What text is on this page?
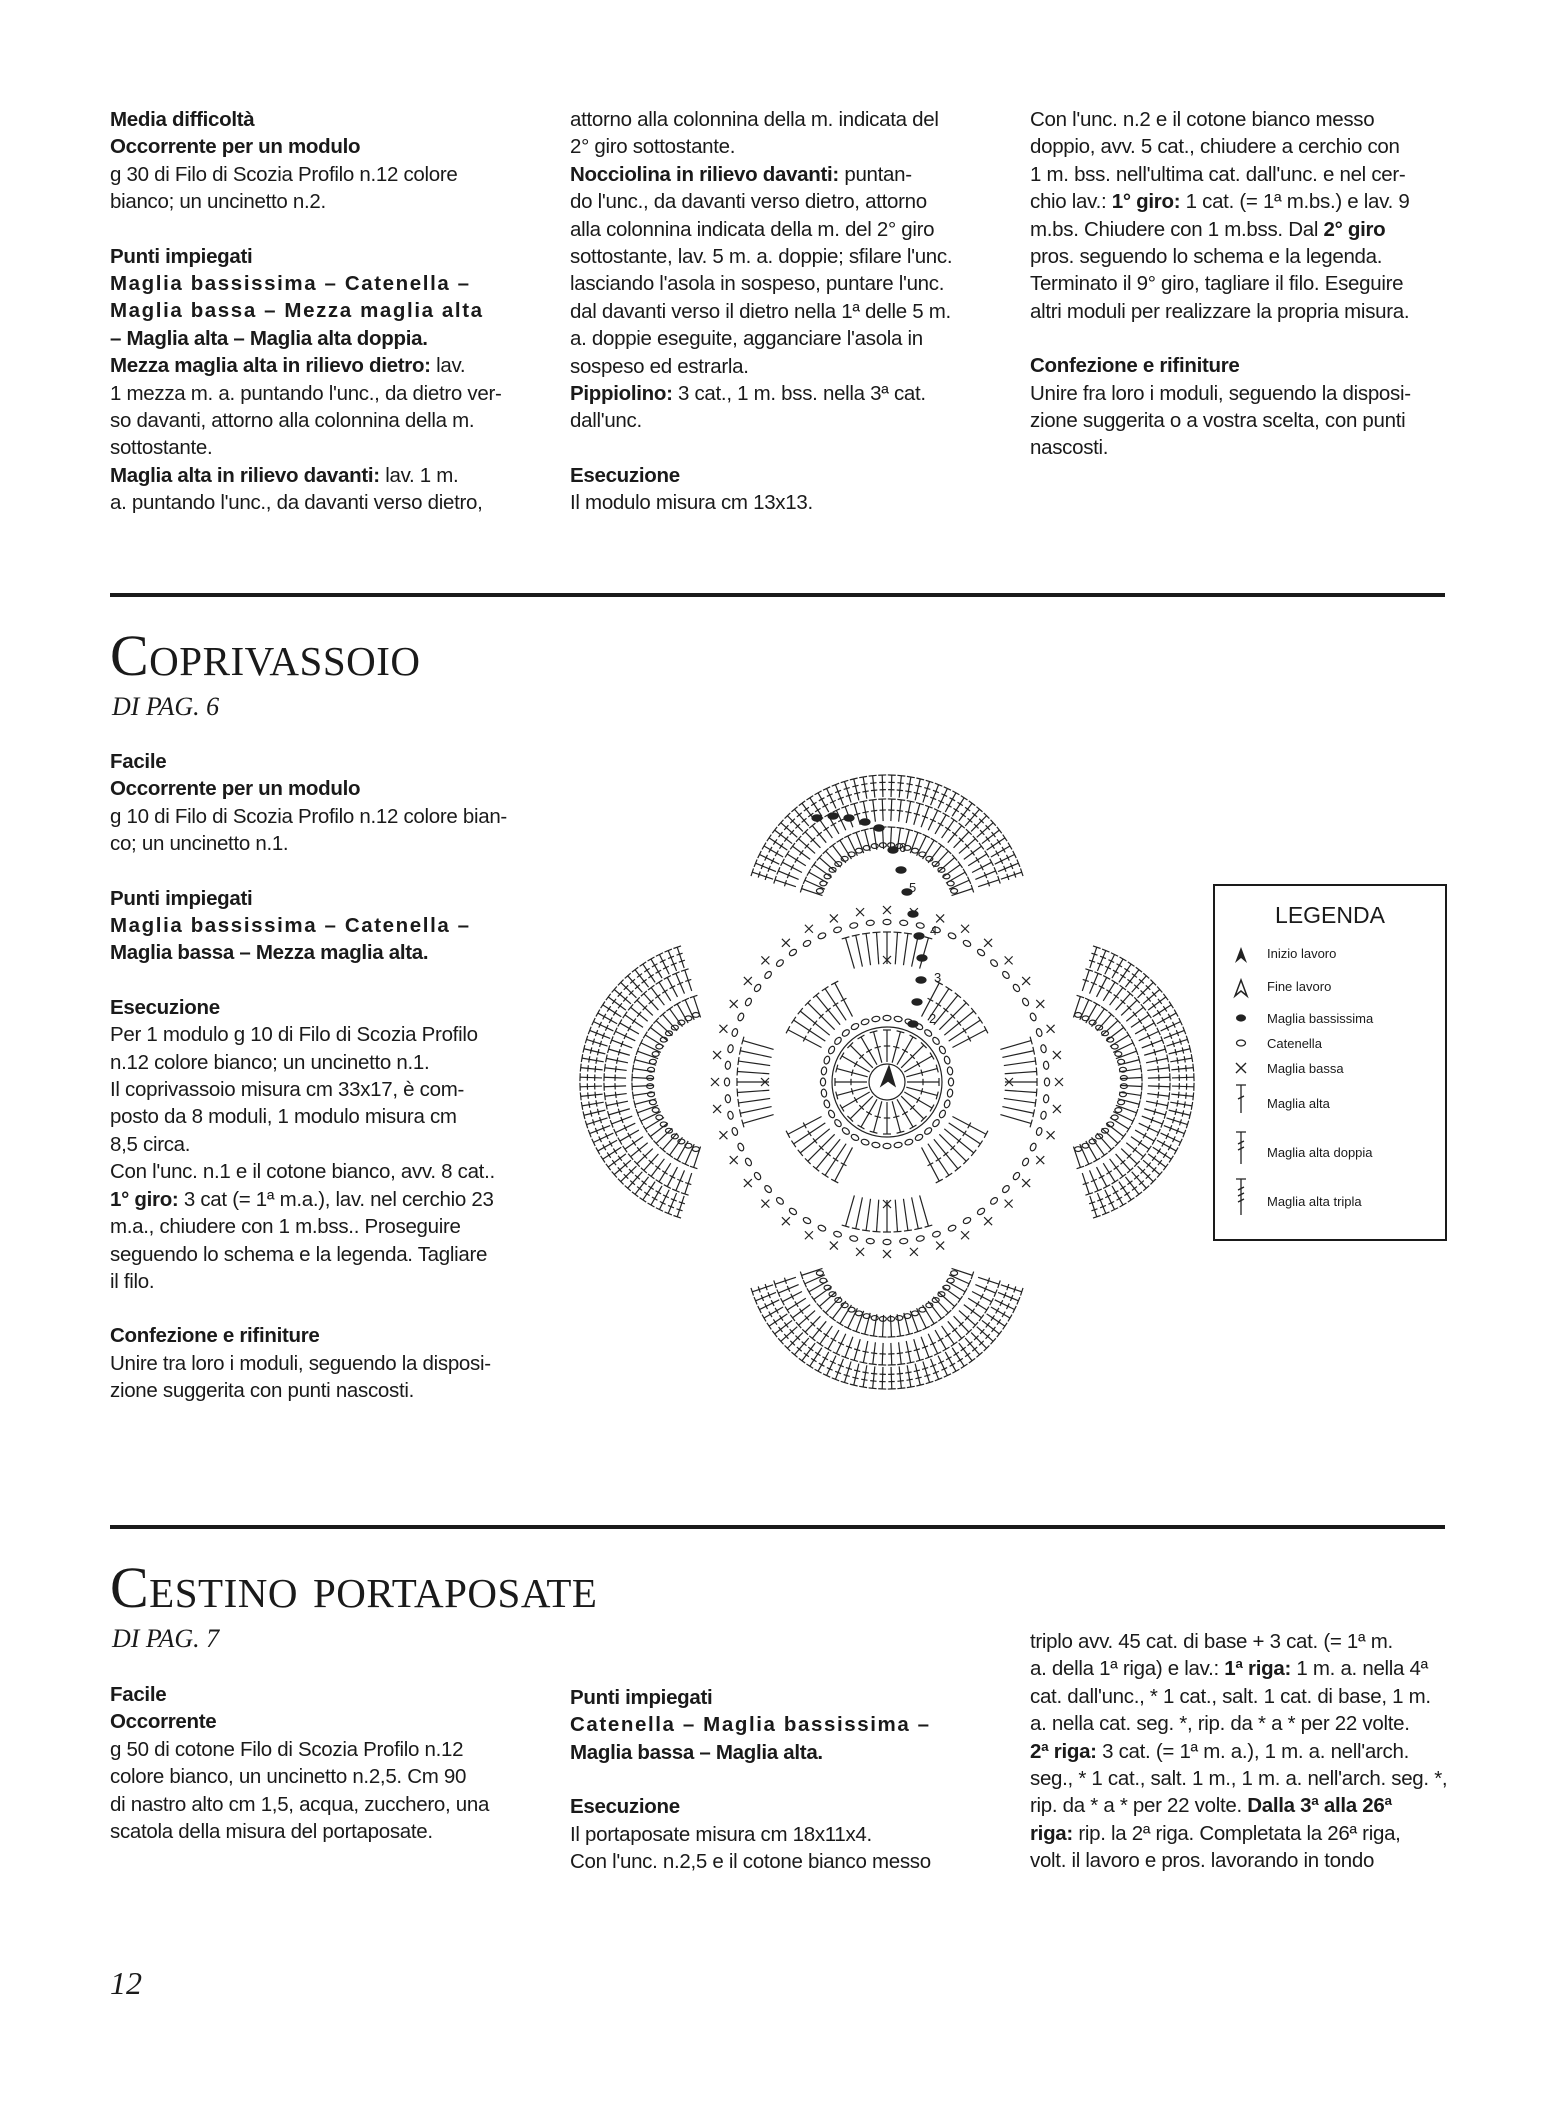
Media difficoltà

Occorrente per un modulo

g 30 di Filo di Scozia Profilo n.12 colore

bianco; un uncinetto n.2.

Punti impiegati

Maglia bassissima – Catenella –

Maglia bassa – Mezza maglia alta

– Maglia alta – Maglia alta doppia.

Mezza maglia alta in rilievo dietro: lav.

1 mezza m. a. puntando l'unc., da dietro ver-

so davanti, attorno alla colonnina della m.

sottostante.

Maglia alta in rilievo davanti: lav. 1 m.

a. puntando l'unc., da davanti verso dietro,

attorno alla colonnina della m. indicata del

2° giro sottostante.

Nocciolina in rilievo davanti: puntan-

do l'unc., da davanti verso dietro, attorno

alla colonnina indicata della m. del 2° giro

sottostante, lav. 5 m. a. doppie; sfilare l'unc.

lasciando l'asola in sospeso, puntare l'unc.

dal davanti verso il dietro nella 1ª delle 5 m.

a. doppie eseguite, agganciare l'asola in

sospeso ed estrarla.

Pippiolino: 3 cat., 1 m. bss. nella 3ª cat.

dall'unc.

Esecuzione

Il modulo misura cm 13x13.

Con l'unc. n.2 e il cotone bianco messo

doppio, avv. 5 cat., chiudere a cerchio con

1 m. bss. nell'ultima cat. dall'unc. e nel cer-

chio lav.: 1° giro: 1 cat. (= 1ª m.bs.) e lav. 9

m.bs. Chiudere con 1 m.bss. Dal 2° giro

pros. seguendo lo schema e la legenda.

Terminato il 9° giro, tagliare il filo. Eseguire

altri moduli per realizzare la propria misura.

Confezione e rifiniture

Unire fra loro i moduli, seguendo la disposi-

zione suggerita o a vostra scelta, con punti

nascosti.

Coprivassoio
DI PAG. 6

Facile

Occorrente per un modulo

g 10 di Filo di Scozia Profilo n.12 colore bian-

co; un uncinetto n.1.

Punti impiegati

Maglia bassissima – Catenella –

Maglia bassa – Mezza maglia alta.

Esecuzione

Per 1 modulo g 10 di Filo di Scozia Profilo

n.12 colore bianco; un uncinetto n.1.

Il coprivassoio misura cm 33x17, è com-

posto da 8 moduli, 1 modulo misura cm

8,5 circa.

Con l'unc. n.1 e il cotone bianco, avv. 8 cat..

1° giro: 3 cat (= 1ª m.a.), lav. nel cerchio 23

m.a., chiudere con 1 m.bss.. Proseguire

seguendo lo schema e la legenda. Tagliare

il filo.

Confezione e rifiniture

Unire tra loro i moduli, seguendo la disposi-

zione suggerita con punti nascosti.

6
5
4
3
2
LEGENDA
Inizio lavoro
Fine lavoro
Maglia bassissima
Catenella
Maglia bassa
Maglia alta
Maglia alta doppia
Maglia alta tripla
Cestino portaposate
DI PAG. 7

Facile

Occorrente

g 50 di cotone Filo di Scozia Profilo n.12

colore bianco, un uncinetto n.2,5. Cm 90

di nastro alto cm 1,5, acqua, zucchero, una

scatola della misura del portaposate.

Punti impiegati

Catenella – Maglia bassissima –

Maglia bassa – Maglia alta.

Esecuzione

Il portaposate misura cm 18x11x4.

Con l'unc. n.2,5 e il cotone bianco messo

triplo avv. 45 cat. di base + 3 cat. (= 1ª m.

a. della 1ª riga) e lav.: 1ª riga: 1 m. a. nella 4ª

cat. dall'unc., * 1 cat., salt. 1 cat. di base, 1 m.

a. nella cat. seg. *, rip. da * a * per 22 volte.

2ª riga: 3 cat. (= 1ª m. a.), 1 m. a. nell'arch.

seg., * 1 cat., salt. 1 m., 1 m. a. nell'arch. seg. *,

rip. da * a * per 22 volte. Dalla 3ª alla 26ª

riga: rip. la 2ª riga. Completata la 26ª riga,

volt. il lavoro e pros. lavorando in tondo

12
